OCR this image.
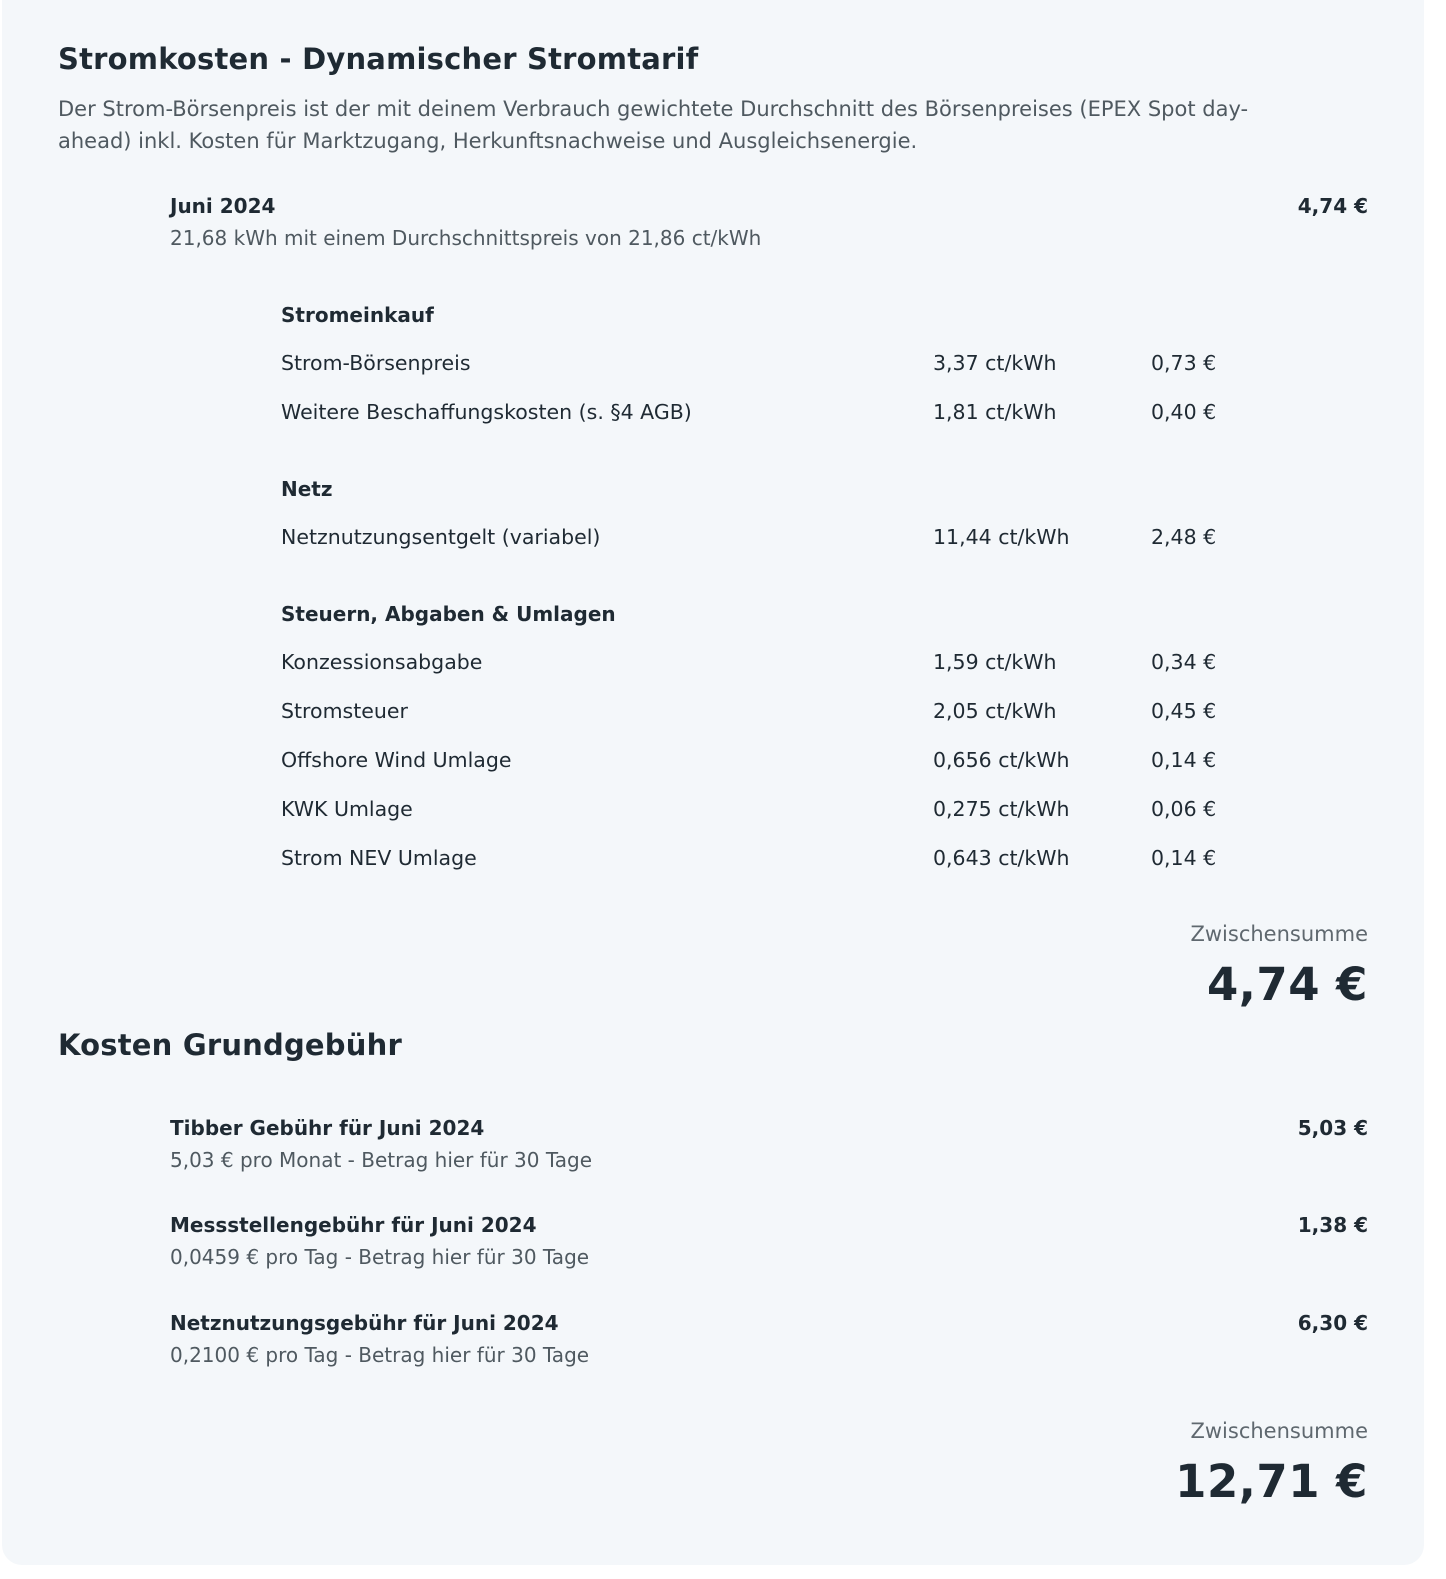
Stromkosten - Dynamischer Stromtarif
Der Strom-Börsenpreis ist der mit deinem Verbrauch gewichtete Durchschnitt des Börsenpreises (EPEX Spot day-ahead) inkl. Kosten für Marktzugang, Herkunftsnachweise und Ausgleichsenergie.
Juni 2024
21,68 kWh mit einem Durchschnittspreis von 21,86 ct/kWh
4,74 €
Stromeinkauf
Strom-Börsenpreis	3,37 ct/kWh	0,73 €
Weitere Beschaffungskosten (s. §4 AGB)	1,81 ct/kWh	0,40 €
Netz
Netznutzungsentgelt (variabel)	11,44 ct/kWh	2,48 €
Steuern, Abgaben & Umlagen
Konzessionsabgabe	1,59 ct/kWh	0,34 €
Stromsteuer	2,05 ct/kWh	0,45 €
Offshore Wind Umlage	0,656 ct/kWh	0,14 €
KWK Umlage	0,275 ct/kWh	0,06 €
Strom NEV Umlage	0,643 ct/kWh	0,14 €
Zwischensumme
4,74 €
Kosten Grundgebühr
Tibber Gebühr für Juni 2024
5,03 € pro Monat - Betrag hier für 30 Tage
5,03 €
Messstellengebühr für Juni 2024
0,0459 € pro Tag - Betrag hier für 30 Tage
1,38 €
Netznutzungsgebühr für Juni 2024
0,2100 € pro Tag - Betrag hier für 30 Tage
6,30 €
Zwischensumme
12,71 €
